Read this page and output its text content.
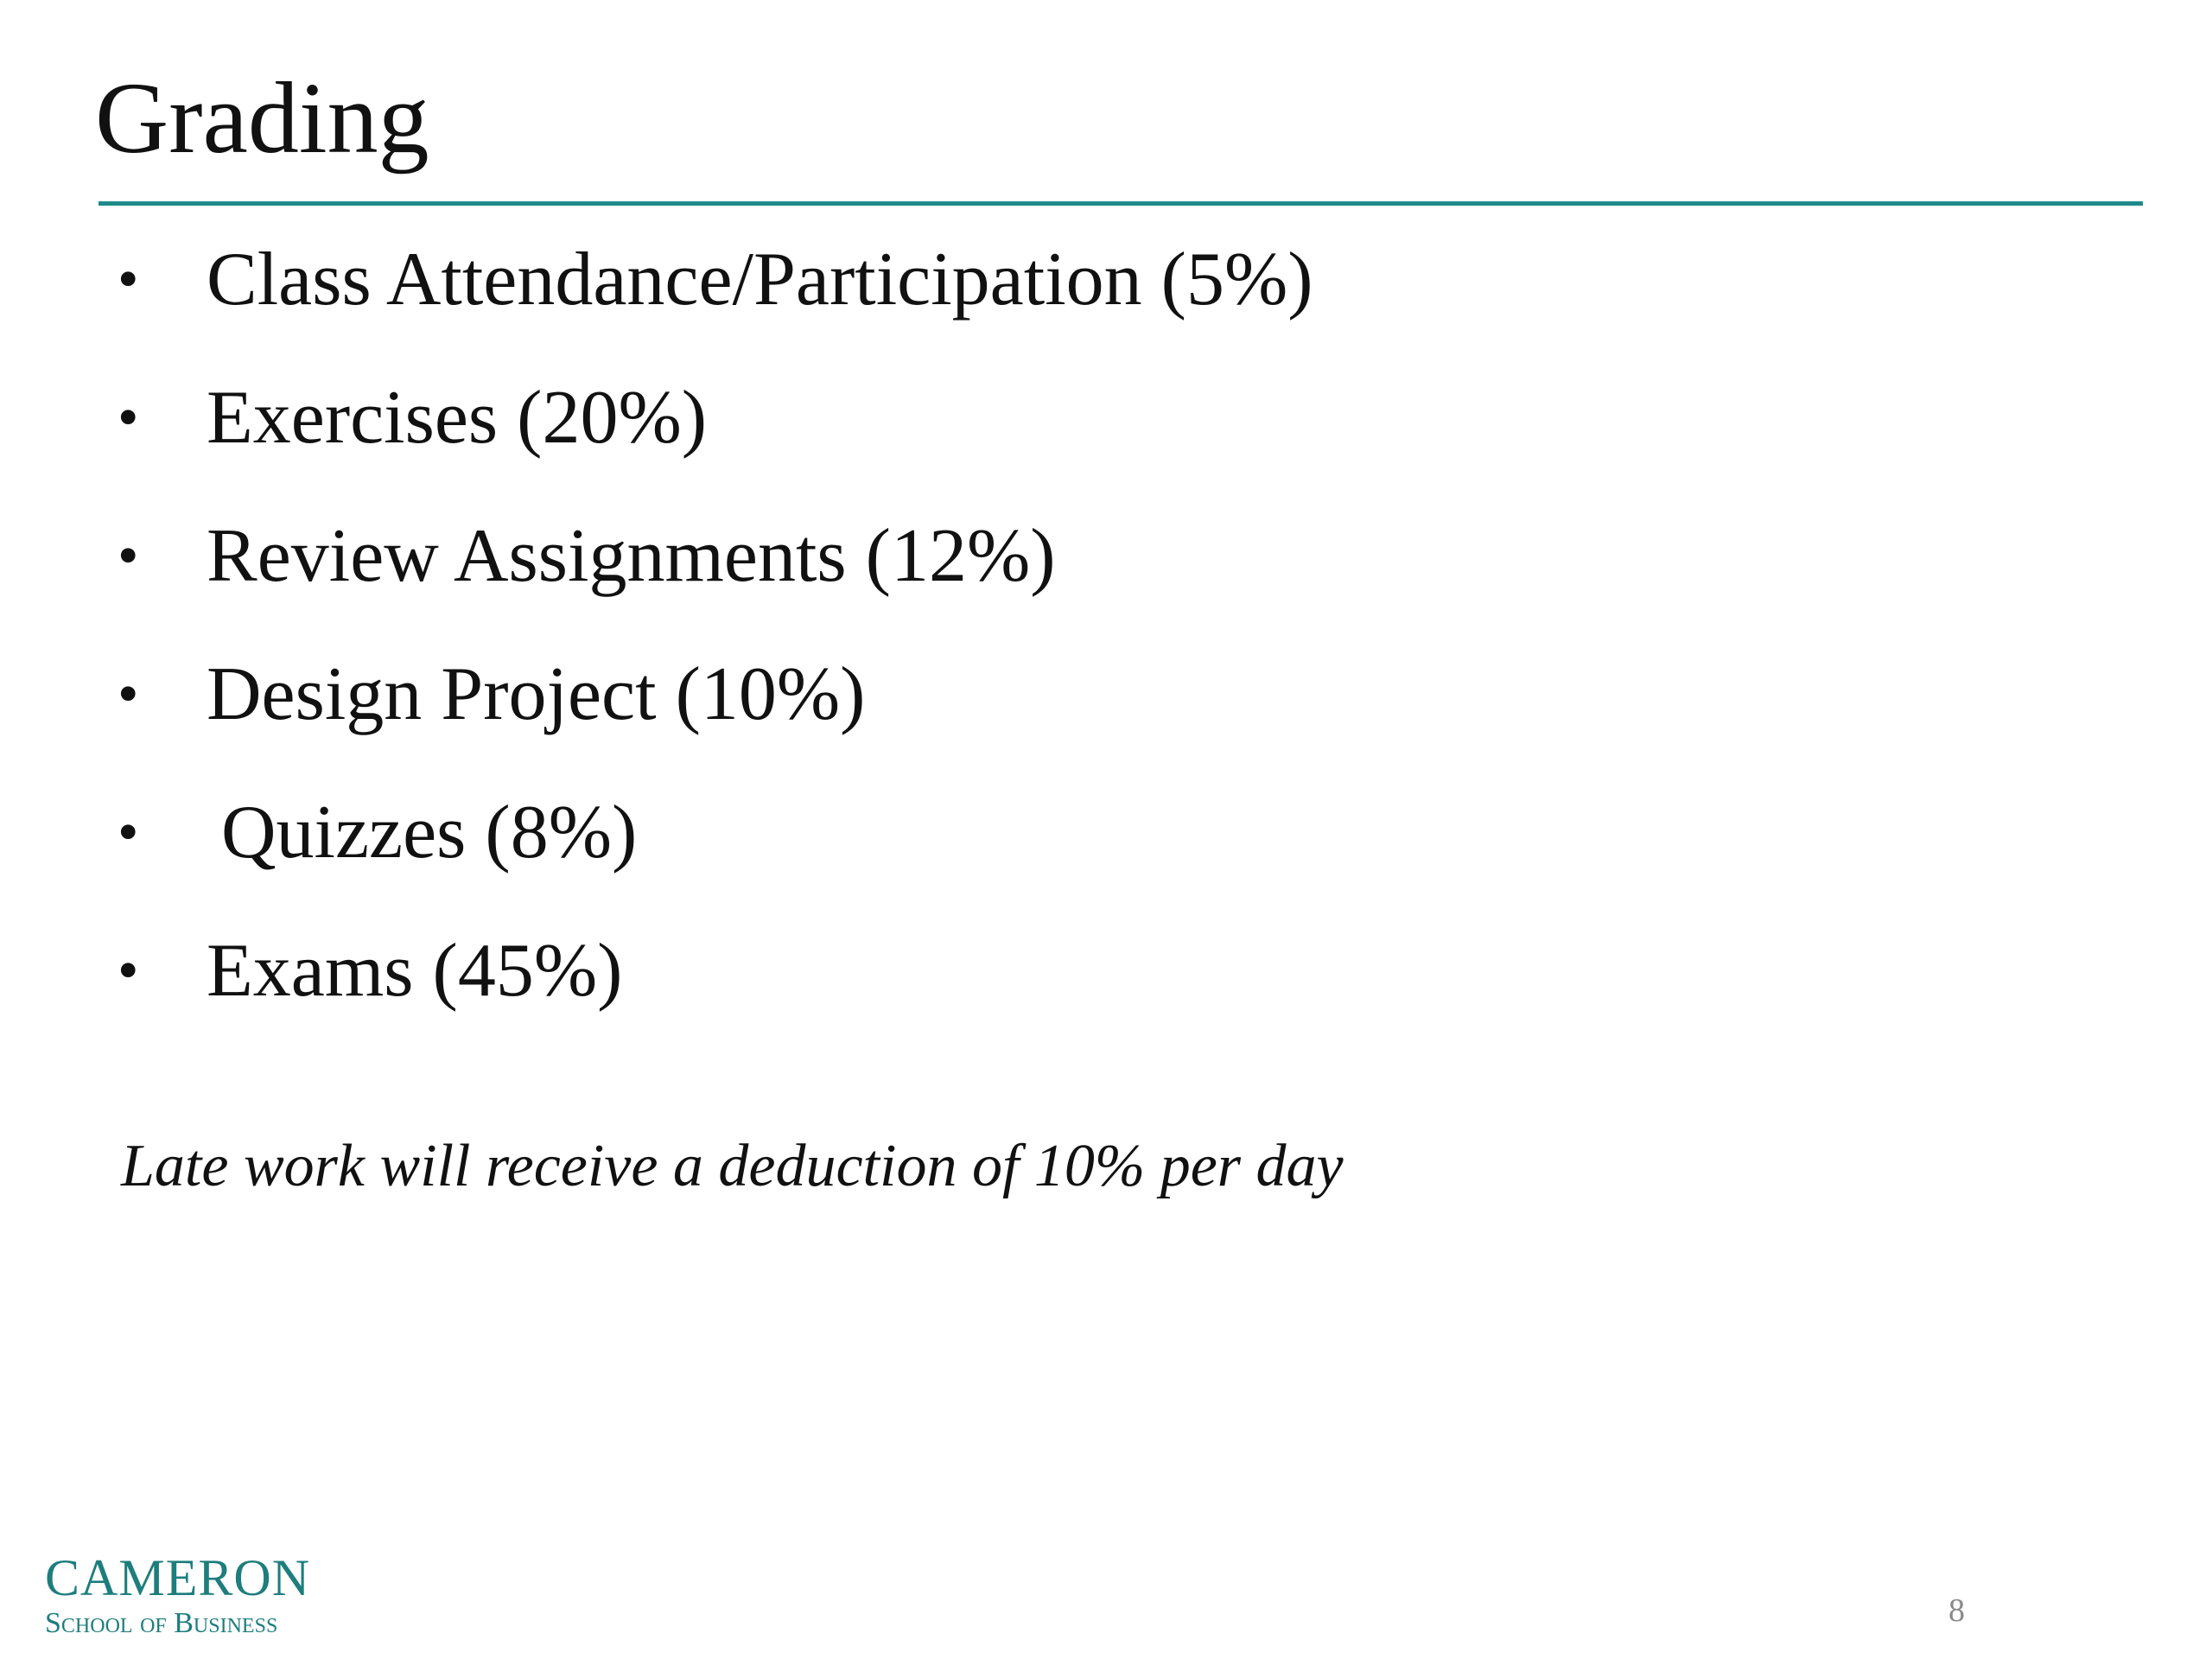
Grading
• Class Attendance/Participation (5%)
• Exercises (20%)
• Review Assignments (12%)
• Design Project (10%)
• Quizzes (8%)
• Exams (45%)

Late work will receive a deduction of 10% per day

CAMERON
School of Business	8
